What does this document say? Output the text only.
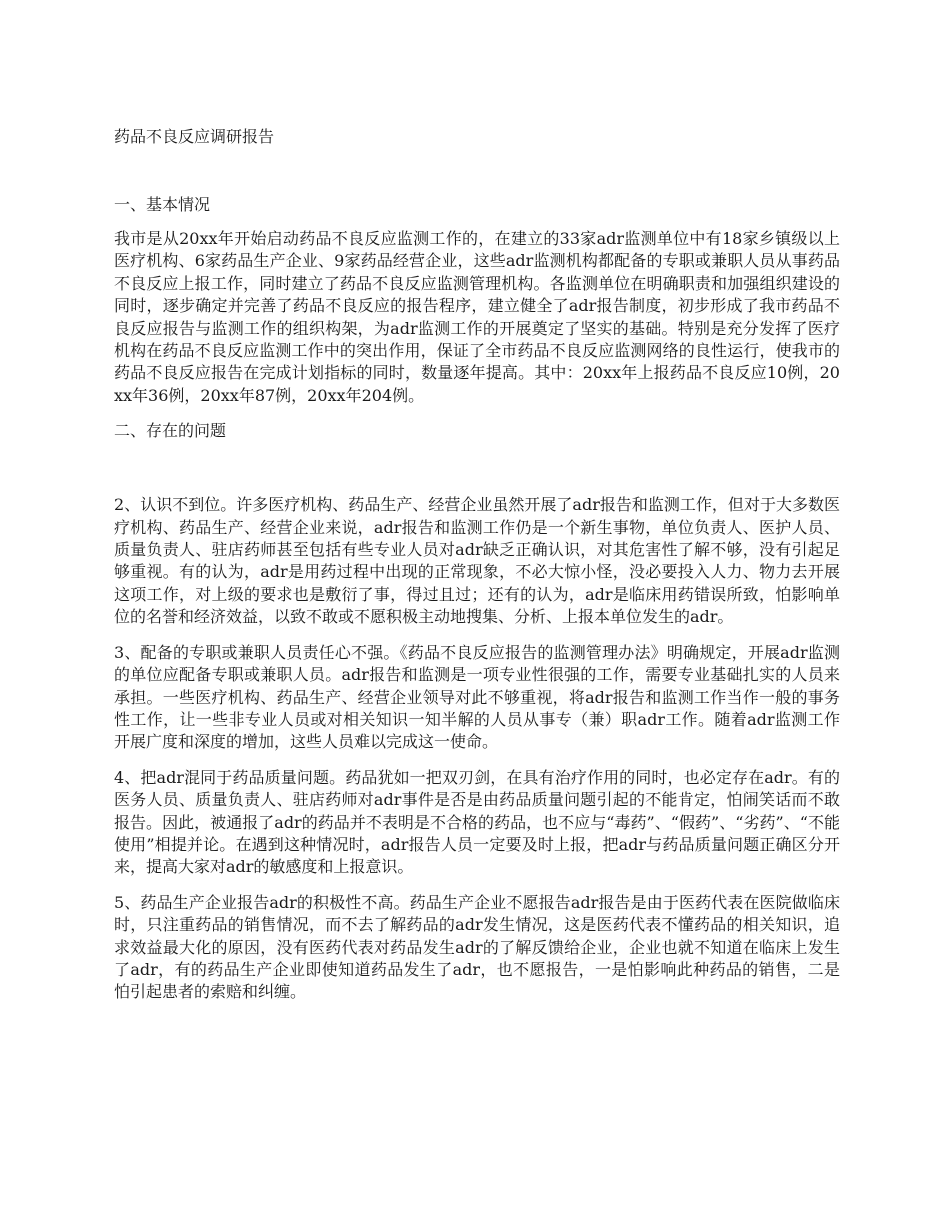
药品不良反应调研报告
一、基本情况

我市是从20xx年开始启动药品不良反应监测工作的，在建立的33家adr监测单位中有18家乡镇级以上医疗机构、6家药品生产企业、9家药品经营企业，这些adr监测机构都配备的专职或兼职人员从事药品不良反应上报工作，同时建立了药品不良反应监测管理机构。各监测单位在明确职责和加强组织建设的同时，逐步确定并完善了药品不良反应的报告程序，建立健全了adr报告制度，初步形成了我市药品不良反应报告与监测工作的组织构架，为adr监测工作的开展奠定了坚实的基础。特别是充分发挥了医疗机构在药品不良反应监测工作中的突出作用，保证了全市药品不良反应监测网络的良性运行，使我市的药品不良反应报告在完成计划指标的同时，数量逐年提高。其中：20xx年上报药品不良反应10例，20xx年36例，20xx年87例，20xx年204例。

二、存在的问题

2、认识不到位。许多医疗机构、药品生产、经营企业虽然开展了adr报告和监测工作，但对于大多数医疗机构、药品生产、经营企业来说，adr报告和监测工作仍是一个新生事物，单位负责人、医护人员、质量负责人、驻店药师甚至包括有些专业人员对adr缺乏正确认识，对其危害性了解不够，没有引起足够重视。有的认为，adr是用药过程中出现的正常现象，不必大惊小怪，没必要投入人力、物力去开展这项工作，对上级的要求也是敷衍了事，得过且过；还有的认为，adr是临床用药错误所致，怕影响单位的名誉和经济效益，以致不敢或不愿积极主动地搜集、分析、上报本单位发生的adr。

3、配备的专职或兼职人员责任心不强。《药品不良反应报告的监测管理办法》明确规定，开展adr监测的单位应配备专职或兼职人员。adr报告和监测是一项专业性很强的工作，需要专业基础扎实的人员来承担。一些医疗机构、药品生产、经营企业领导对此不够重视，将adr报告和监测工作当作一般的事务性工作，让一些非专业人员或对相关知识一知半解的人员从事专（兼）职adr工作。随着adr监测工作开展广度和深度的增加，这些人员难以完成这一使命。

4、把adr混同于药品质量问题。药品犹如一把双刃剑，在具有治疗作用的同时，也必定存在adr。有的医务人员、质量负责人、驻店药师对adr事件是否是由药品质量问题引起的不能肯定，怕闹笑话而不敢报告。因此，被通报了adr的药品并不表明是不合格的药品，也不应与“毒药”、“假药”、“劣药”、“不能使用”相提并论。在遇到这种情况时，adr报告人员一定要及时上报，把adr与药品质量问题正确区分开来，提高大家对adr的敏感度和上报意识。

5、药品生产企业报告adr的积极性不高。药品生产企业不愿报告adr报告是由于医药代表在医院做临床时，只注重药品的销售情况，而不去了解药品的adr发生情况，这是医药代表不懂药品的相关知识，追求效益最大化的原因，没有医药代表对药品发生adr的了解反馈给企业，企业也就不知道在临床上发生了adr，有的药品生产企业即使知道药品发生了adr，也不愿报告，一是怕影响此种药品的销售，二是怕引起患者的索赔和纠缠。
